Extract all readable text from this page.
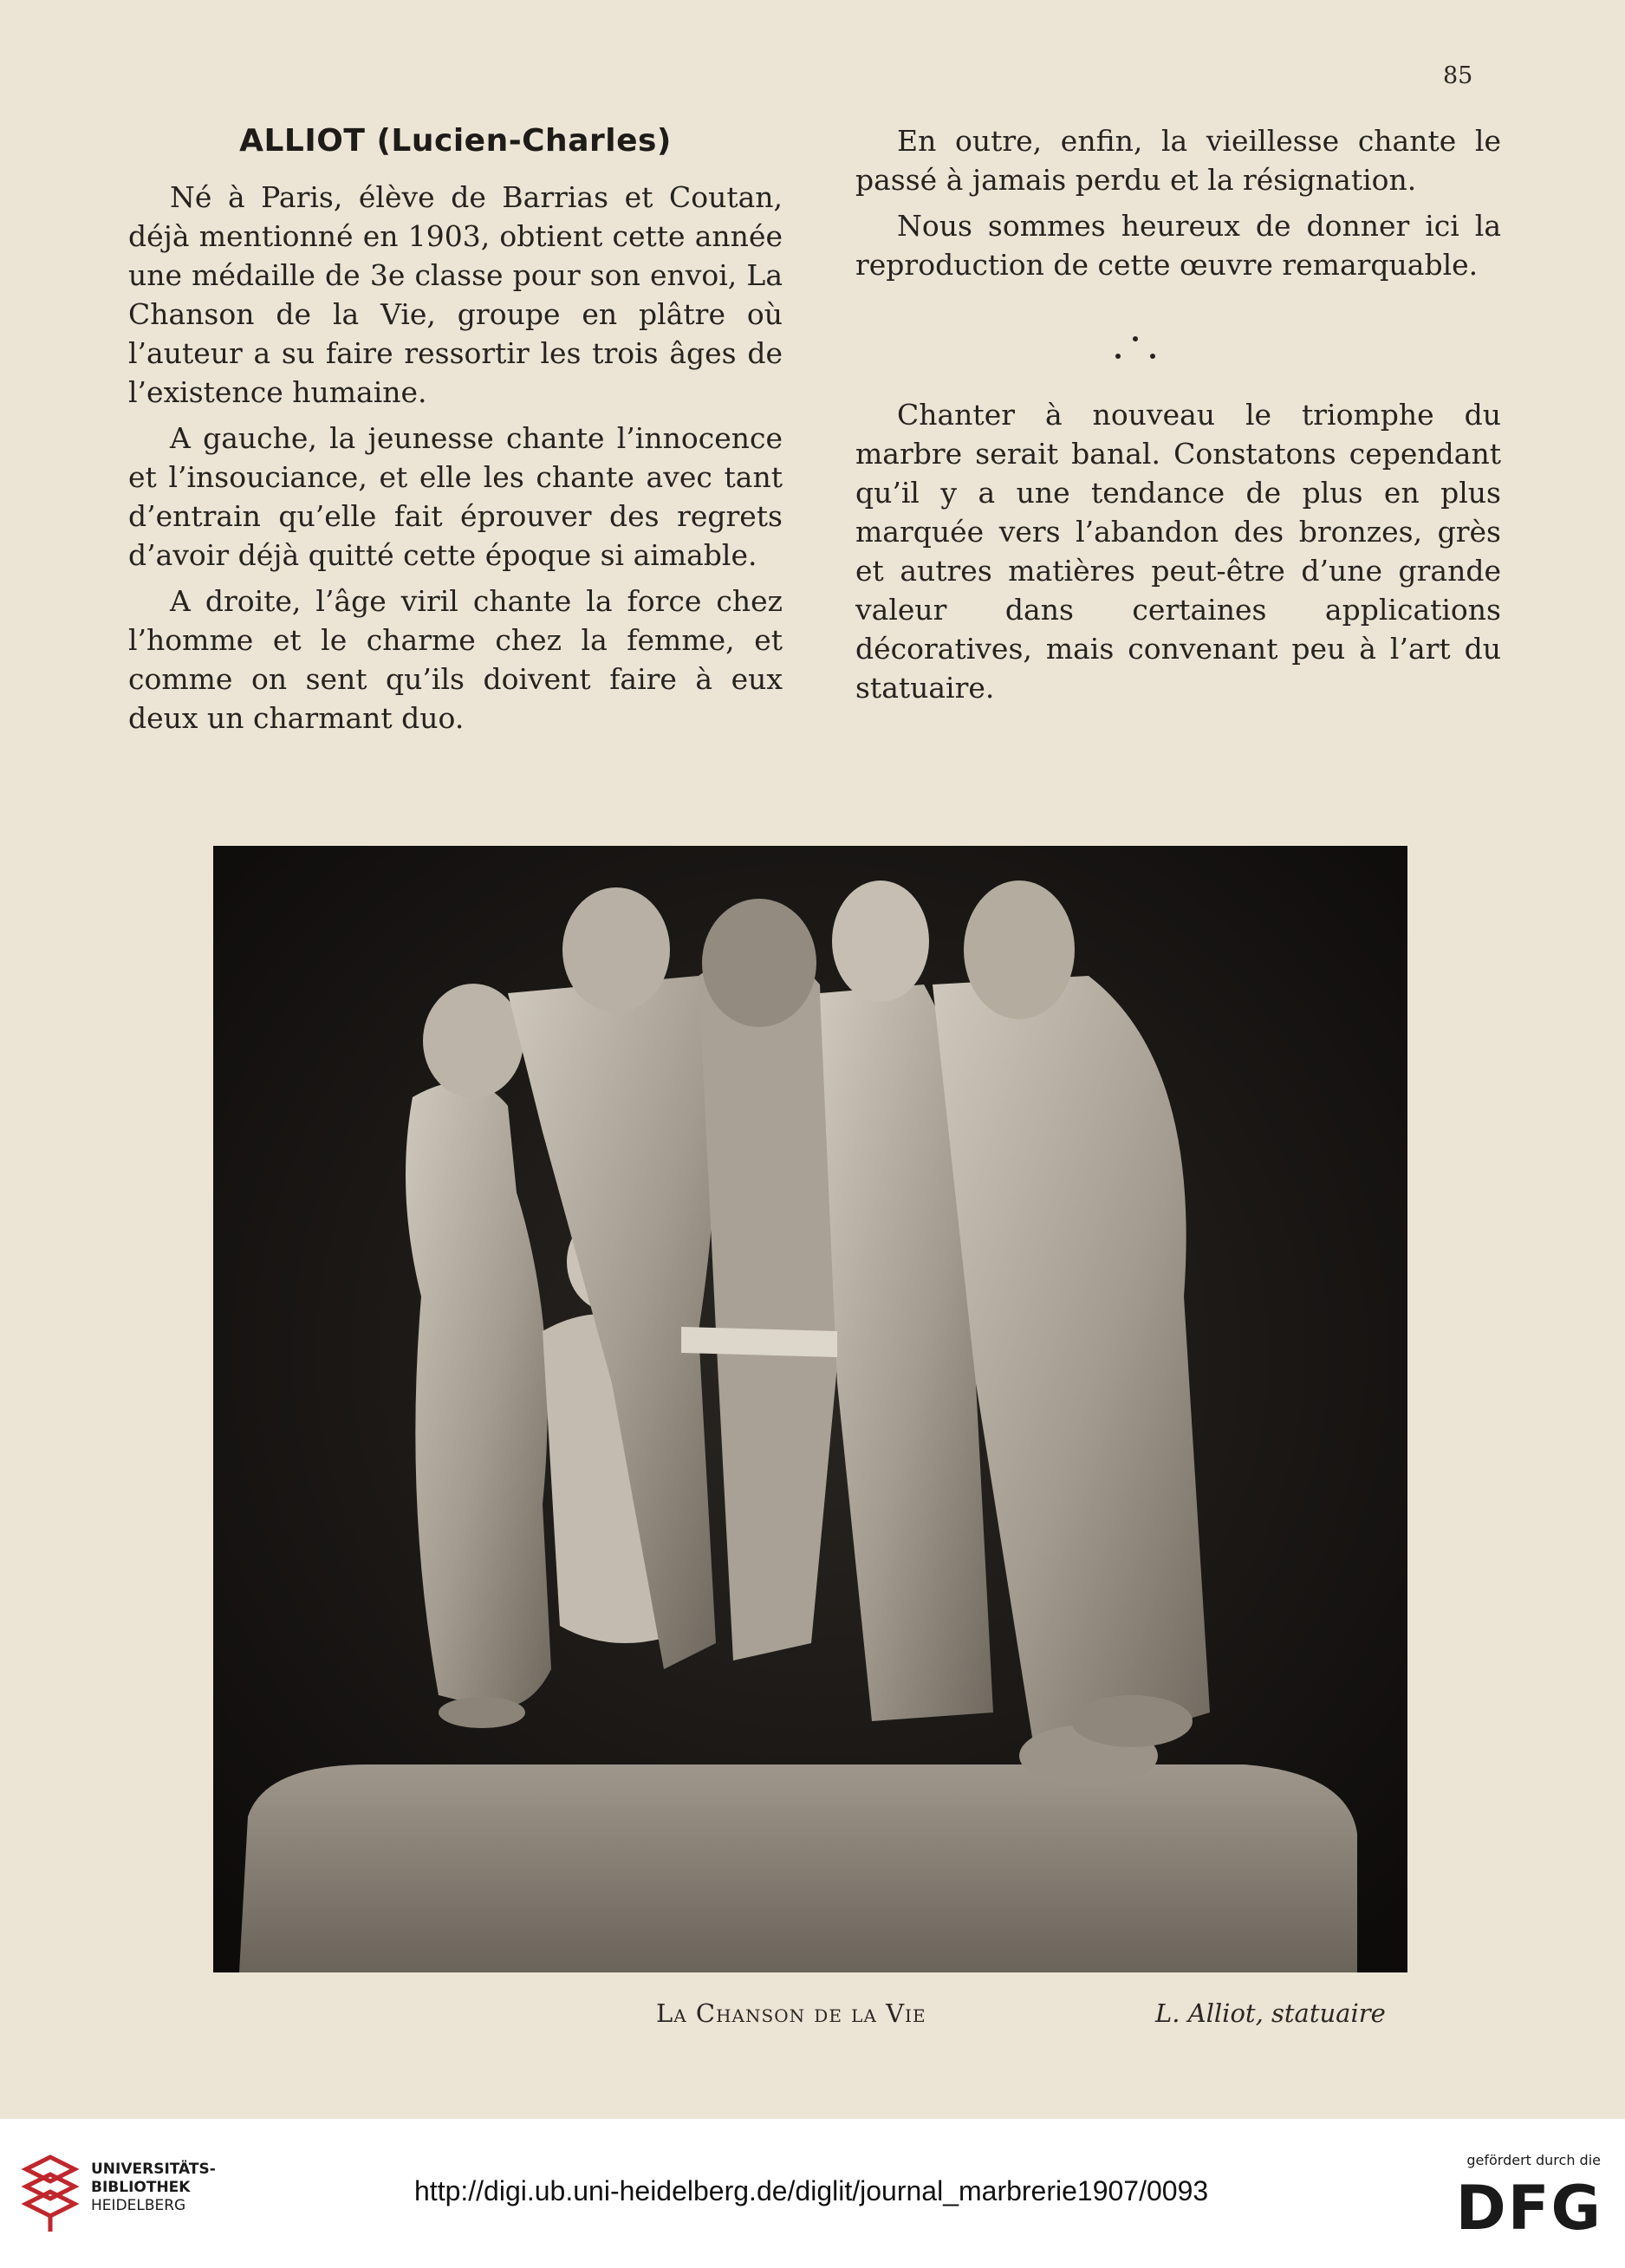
85
ALLIOT (Lucien-Charles)

Né à Paris, élève de Barrias et Coutan, déjà mentionné en 1903, obtient cette année une médaille de 3e classe pour son envoi, La Chanson de la Vie, groupe en plâtre où l’auteur a su faire ressortir les trois âges de l’existence humaine.

A gauche, la jeunesse chante l’innocence et l’insouciance, et elle les chante avec tant d’entrain qu’elle fait éprouver des regrets d’avoir déjà quitté cette époque si aimable.

A droite, l’âge viril chante la force chez l’homme et le charme chez la femme, et comme on sent qu’ils doivent faire à eux deux un charmant duo.

En outre, enfin, la vieillesse chante le passé à jamais perdu et la résignation.

Nous sommes heureux de donner ici la reproduction de cette œuvre remarquable.

Chanter à nouveau le triomphe du marbre serait banal. Constatons cependant qu’il y a une tendance de plus en plus marquée vers l’abandon des bronzes, grès et autres matières peut-être d’une grande valeur dans certaines applications décoratives, mais convenant peu à l’art du statuaire.

La Chanson de la Vie	L. Alliot, statuaire
UNIVERSITÄTS-
BIBLIOTHEK
HEIDELBERG	http://digi.ub.uni-heidelberg.de/diglit/journal_marbrerie1907/0093
gefördert durch die
DFG
